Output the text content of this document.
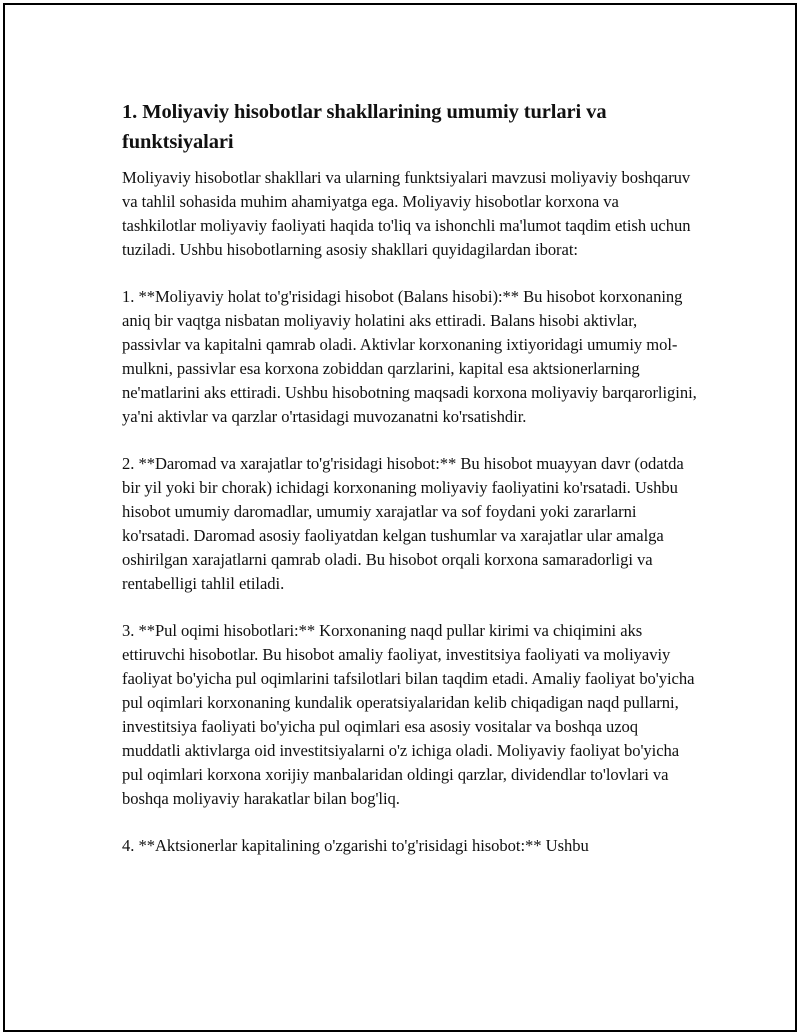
1. Moliyaviy hisobotlar shakllarining umumiy turlari va funktsiyalari

Moliyaviy hisobotlar shakllari va ularning funktsiyalari mavzusi moliyaviy boshqaruv va tahlil sohasida muhim ahamiyatga ega. Moliyaviy hisobotlar korxona va tashkilotlar moliyaviy faoliyati haqida to'liq va ishonchli ma'lumot taqdim etish uchun tuziladi. Ushbu hisobotlarning asosiy shakllari quyidagilardan iborat:

1. **Moliyaviy holat to'g'risidagi hisobot (Balans hisobi):** Bu hisobot korxonaning aniq bir vaqtga nisbatan moliyaviy holatini aks ettiradi. Balans hisobi aktivlar, passivlar va kapitalni qamrab oladi. Aktivlar korxonaning ixtiyoridagi umumiy mol-mulkni, passivlar esa korxona zobiddan qarzlarini, kapital esa aktsionerlarning ne'matlarini aks ettiradi. Ushbu hisobotning maqsadi korxona moliyaviy barqarorligini, ya'ni aktivlar va qarzlar o'rtasidagi muvozanatni ko'rsatishdir.

2. **Daromad va xarajatlar to'g'risidagi hisobot:** Bu hisobot muayyan davr (odatda bir yil yoki bir chorak) ichidagi korxonaning moliyaviy faoliyatini ko'rsatadi. Ushbu hisobot umumiy daromadlar, umumiy xarajatlar va sof foydani yoki zararlarni ko'rsatadi. Daromad asosiy faoliyatdan kelgan tushumlar va xarajatlar ular amalga oshirilgan xarajatlarni qamrab oladi. Bu hisobot orqali korxona samaradorligi va rentabelligi tahlil etiladi.

3. **Pul oqimi hisobotlari:** Korxonaning naqd pullar kirimi va chiqimini aks ettiruvchi hisobotlar. Bu hisobot amaliy faoliyat, investitsiya faoliyati va moliyaviy faoliyat bo'yicha pul oqimlarini tafsilotlari bilan taqdim etadi. Amaliy faoliyat bo'yicha pul oqimlari korxonaning kundalik operatsiyalaridan kelib chiqadigan naqd pullarni, investitsiya faoliyati bo'yicha pul oqimlari esa asosiy vositalar va boshqa uzoq muddatli aktivlarga oid investitsiyalarni o'z ichiga oladi. Moliyaviy faoliyat bo'yicha pul oqimlari korxona xorijiy manbalaridan oldingi qarzlar, dividendlar to'lovlari va boshqa moliyaviy harakatlar bilan bog'liq.

4. **Aktsionerlar kapitalining o'zgarishi to'g'risidagi hisobot:** Ushbu
